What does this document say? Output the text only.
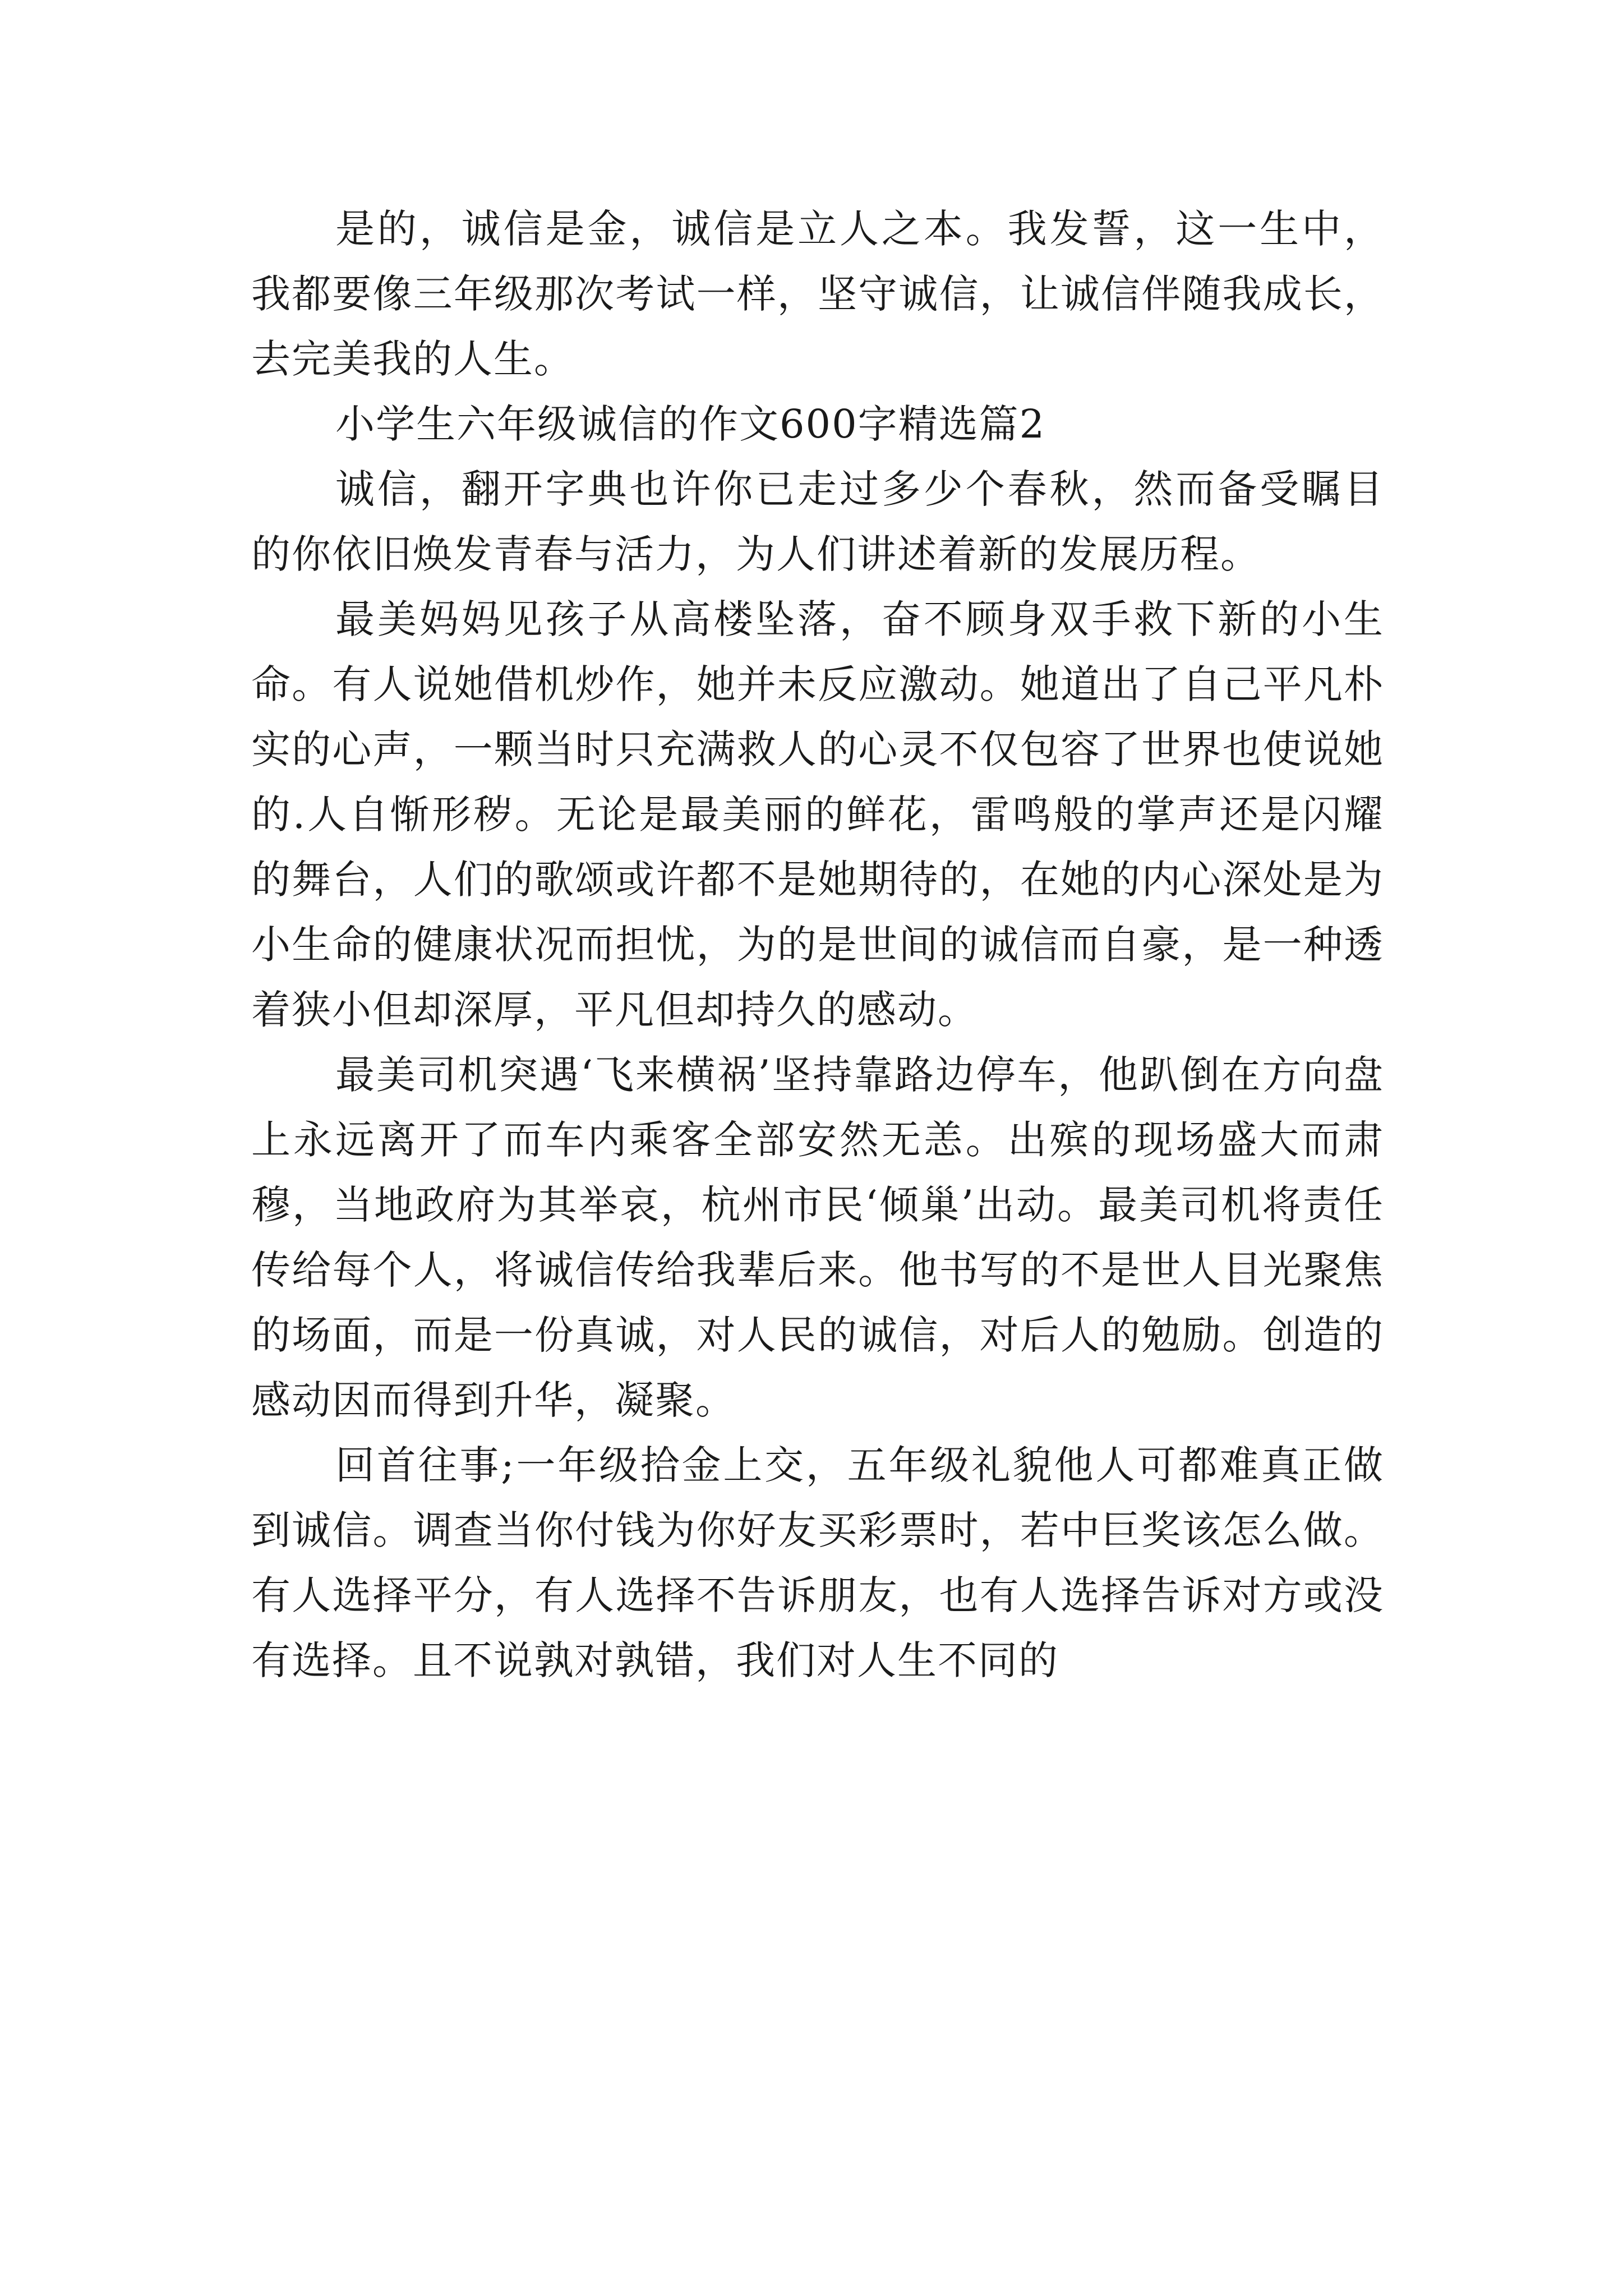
是的，诚信是金，诚信是立人之本。我发誓，这一生中，我都要像三年级那次考试一样，坚守诚信，让诚信伴随我成长，去完美我的人生。

小学生六年级诚信的作文600字精选篇2

诚信，翻开字典也许你已走过多少个春秋，然而备受瞩目的你依旧焕发青春与活力，为人们讲述着新的发展历程。

最美妈妈见孩子从高楼坠落，奋不顾身双手救下新的小生命。有人说她借机炒作，她并未反应激动。她道出了自己平凡朴实的心声，一颗当时只充满救人的心灵不仅包容了世界也使说她的.人自惭形秽。无论是最美丽的鲜花，雷鸣般的掌声还是闪耀的舞台，人们的歌颂或许都不是她期待的，在她的内心深处是为小生命的健康状况而担忧，为的是世间的诚信而自豪，是一种透着狭小但却深厚，平凡但却持久的感动。

最美司机突遇‘飞来横祸’坚持靠路边停车，他趴倒在方向盘上永远离开了而车内乘客全部安然无恙。出殡的现场盛大而肃穆，当地政府为其举哀，杭州市民‘倾巢’出动。最美司机将责任传给每个人，将诚信传给我辈后来。他书写的不是世人目光聚焦的场面，而是一份真诚，对人民的诚信，对后人的勉励。创造的感动因而得到升华，凝聚。

回首往事;一年级拾金上交，五年级礼貌他人可都难真正做到诚信。调查当你付钱为你好友买彩票时，若中巨奖该怎么做。有人选择平分，有人选择不告诉朋友，也有人选择告诉对方或没有选择。且不说孰对孰错，我们对人生不同的
